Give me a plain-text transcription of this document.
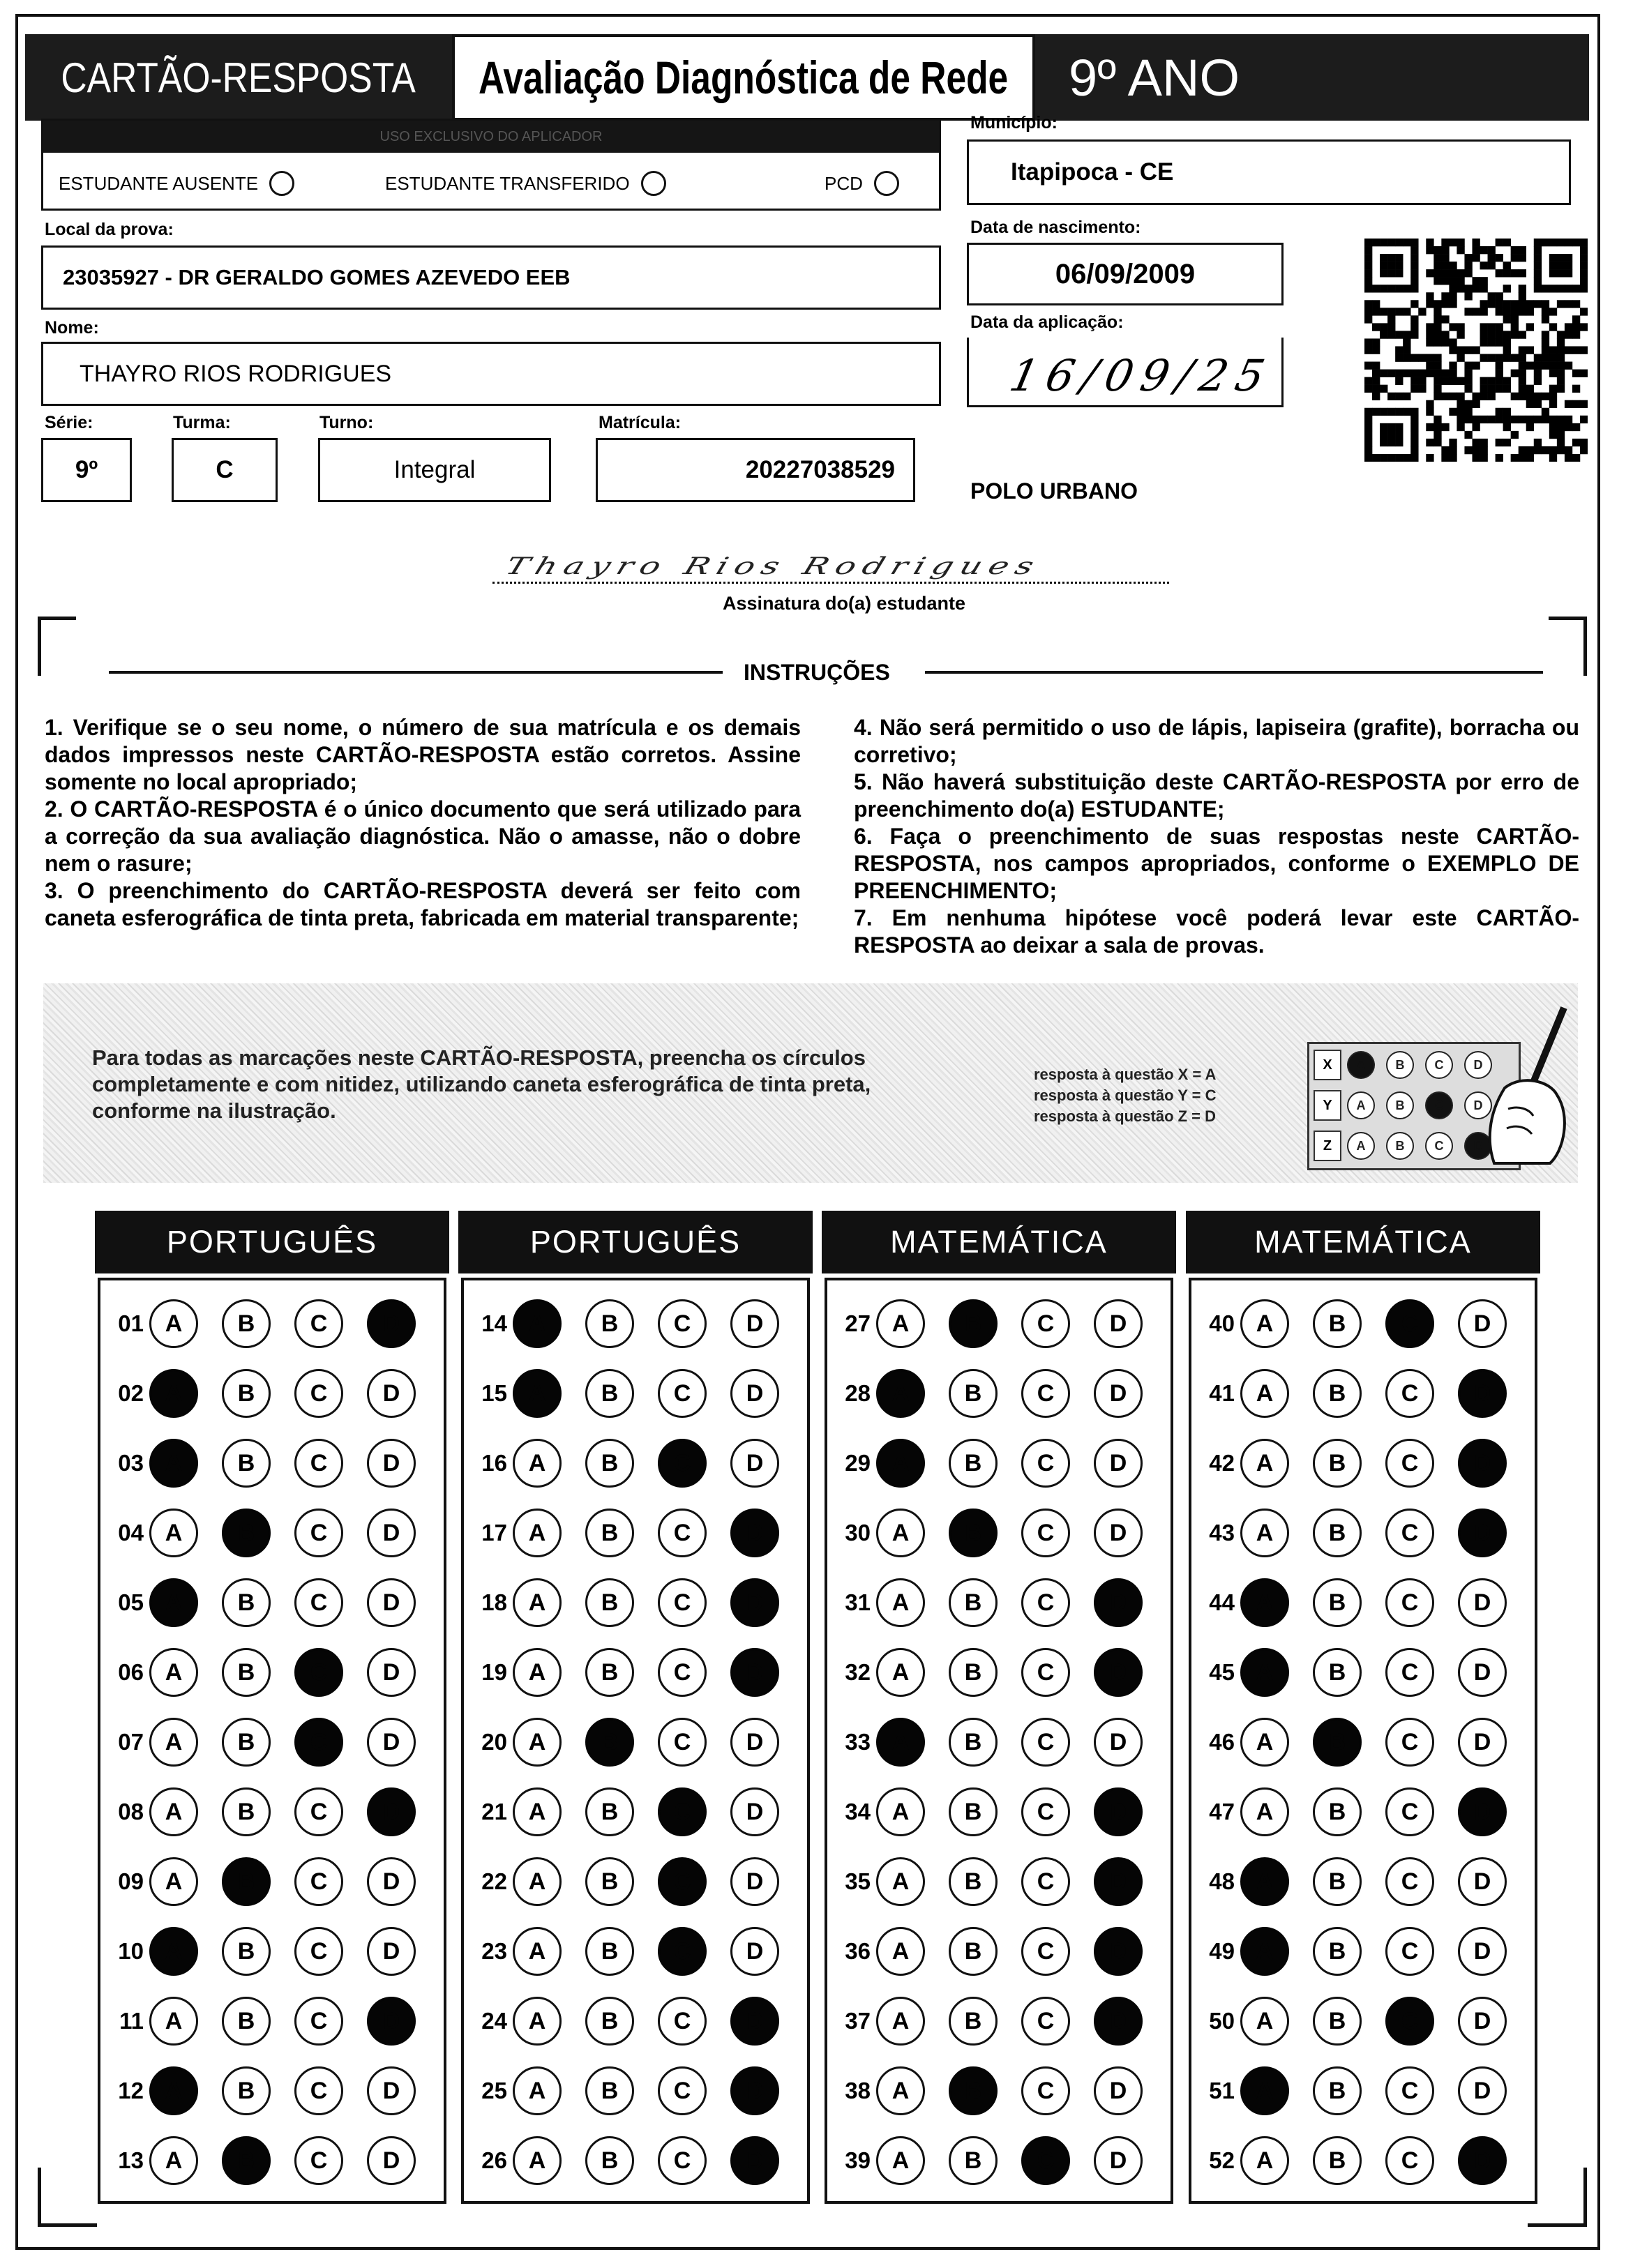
CARTÃO-RESPOSTA Avaliação Diagnóstica de Rede 9º ANO
USO EXCLUSIVO DO APLICADOR
ESTUDANTE AUSENTE	ESTUDANTE TRANSFERIDO	PCD
Local da prova:
23035927 - DR GERALDO GOMES AZEVEDO EEB
Nome:
THAYRO RIOS RODRIGUES
Série:
9º
Turma:
C
Turno:
Integral
Matrícula:
20227038529
Município:
Itapipoca - CE
Data de nascimento:
06/09/2009
Data da aplicação:
16/09/25
POLO URBANO
Thayro Rios Rodrigues
Assinatura do(a) estudante
INSTRUÇÕES

1. Verifique se o seu nome, o número de sua matrícula e os demais dados impressos neste CARTÃO-RESPOSTA estão corretos. Assine somente no local apropriado;

2. O CARTÃO-RESPOSTA é o único documento que será utilizado para a correção da sua avaliação diagnóstica. Não o amasse, não o dobre nem o rasure;

3. O preenchimento do CARTÃO-RESPOSTA deverá ser feito com caneta esferográfica de tinta preta, fabricada em material transparente;

4. Não será permitido o uso de lápis, lapiseira (grafite), borracha ou corretivo;

5. Não haverá substituição deste CARTÃO-RESPOSTA por erro de preenchimento do(a) ESTUDANTE;

6. Faça o preenchimento de suas respostas neste CARTÃO-RESPOSTA, nos campos apropriados, conforme o EXEMPLO DE PREENCHIMENTO;

7. Em nenhuma hipótese você poderá levar este CARTÃO-RESPOSTA ao deixar a sala de provas.

Para todas as marcações neste CARTÃO-RESPOSTA, preencha os círculos completamente e com nitidez, utilizando caneta esferográfica de tinta preta, conforme na ilustração.
resposta à questão X = A
resposta à questão Y = C
resposta à questão Z = D
X	A	B	C	D
Y	A	B	C	D
Z	A	B	C	D
PORTUGUÊS
01 A	B	C	D
02 A	B	C	D
03 A	B	C	D
04 A	B	C	D
05 A	B	C	D
06 A	B	C	D
07 A	B	C	D
08 A	B	C	D
09 A	B	C	D
10 A	B	C	D
11 A	B	C	D
12 A	B	C	D
13 A	B	C	D
PORTUGUÊS
14 A	B	C	D
15 A	B	C	D
16 A	B	C	D
17 A	B	C	D
18 A	B	C	D
19 A	B	C	D
20 A	B	C	D
21 A	B	C	D
22 A	B	C	D
23 A	B	C	D
24 A	B	C	D
25 A	B	C	D
26 A	B	C	D
MATEMÁTICA
27 A	B	C	D
28 A	B	C	D
29 A	B	C	D
30 A	B	C	D
31 A	B	C	D
32 A	B	C	D
33 A	B	C	D
34 A	B	C	D
35 A	B	C	D
36 A	B	C	D
37 A	B	C	D
38 A	B	C	D
39 A	B	C	D
MATEMÁTICA
40 A	B	C	D
41 A	B	C	D
42 A	B	C	D
43 A	B	C	D
44 A	B	C	D
45 A	B	C	D
46 A	B	C	D
47 A	B	C	D
48 A	B	C	D
49 A	B	C	D
50 A	B	C	D
51 A	B	C	D
52 A	B	C	D
